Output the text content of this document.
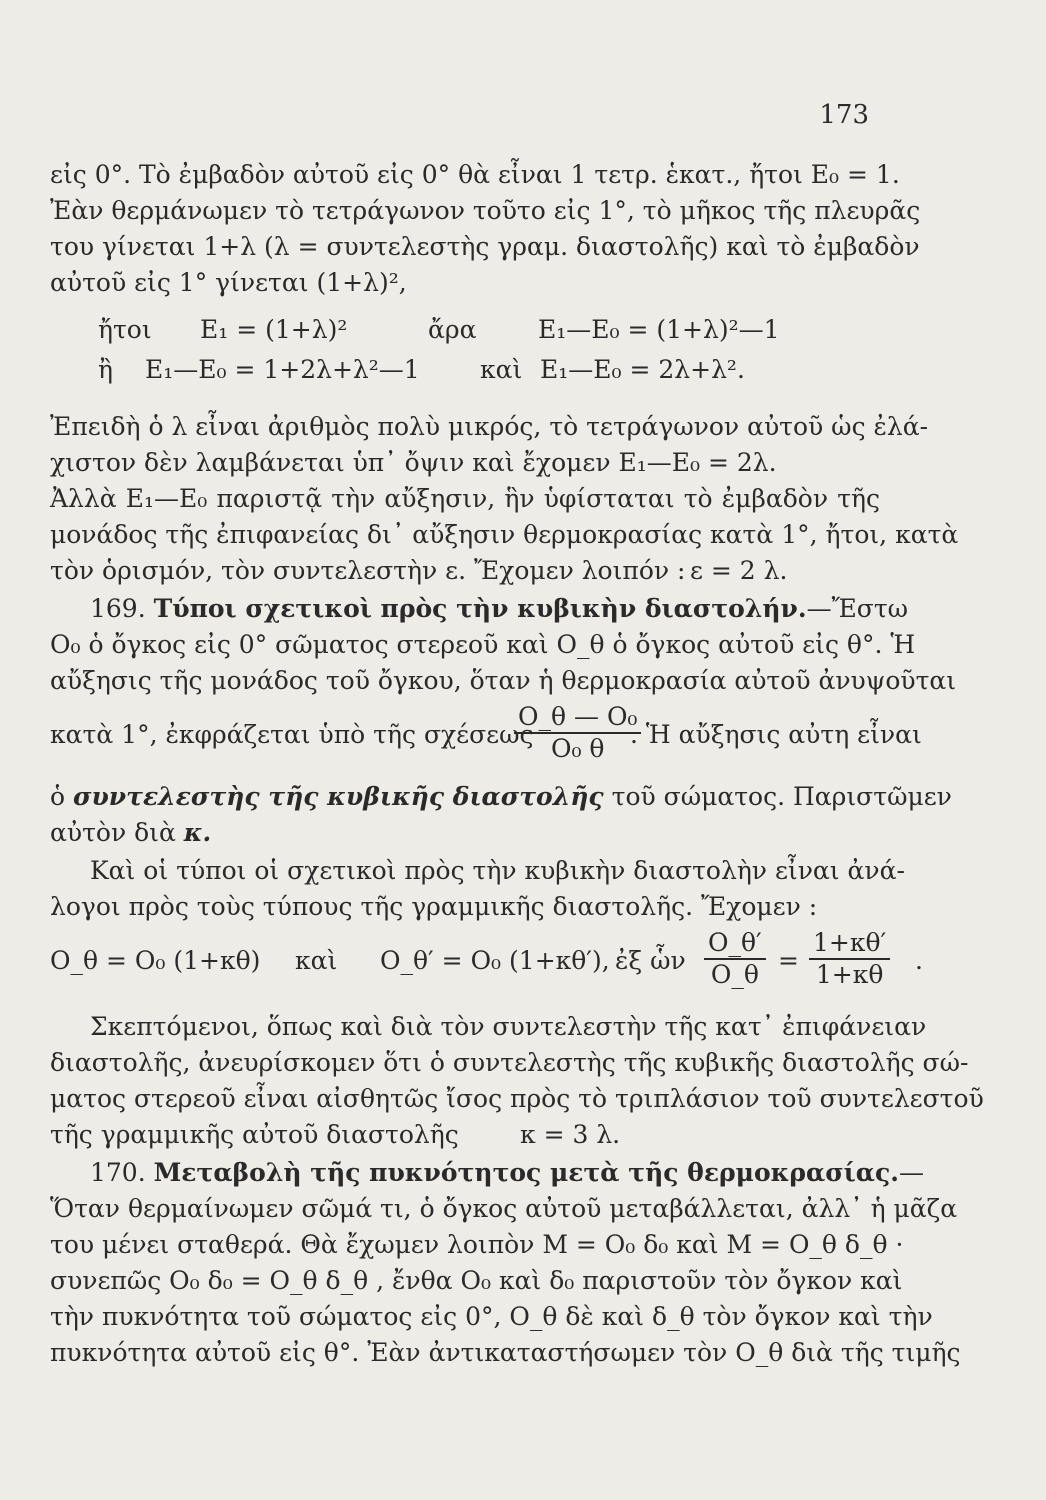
173
εἰς 0°. Τὸ ἐμβαδὸν αὐτοῦ εἰς 0° θὰ εἶναι 1 τετρ. ἑκατ., ἤτοι E₀ = 1.
Ἐὰν θερμάνωμεν τὸ τετράγωνον τοῦτο εἰς 1°, τὸ μῆκος τῆς πλευρᾶς
του γίνεται 1+λ (λ = συντελεστὴς γραμ. διαστολῆς) καὶ τὸ ἐμβαδὸν
αὐτοῦ εἰς 1° γίνεται (1+λ)²,
ἤτοι E₁ = (1+λ)²	ἄρα E₁—E₀ = (1+λ)²—1
ἢ E₁—E₀ = 1+2λ+λ²—1 καὶ E₁—E₀ = 2λ+λ².
Ἐπειδὴ ὁ λ εἶναι ἀριθμὸς πολὺ μικρός, τὸ τετράγωνον αὐτοῦ ὡς ἐλά-
χιστον δὲν λαμβάνεται ὑπ᾽ ὄψιν καὶ ἔχομεν E₁—E₀ = 2λ.
Ἀλλὰ E₁—E₀ παριστᾷ τὴν αὔξησιν, ἣν ὑφίσταται τὸ ἐμβαδὸν τῆς
μονάδος τῆς ἐπιφανείας δι᾽ αὔξησιν θερμοκρασίας κατὰ 1°, ἤτοι, κατὰ
τὸν ὁρισμόν, τὸν συντελεστὴν ε. Ἔχομεν λοιπόν : ε = 2 λ.
169. Τύποι σχετικοὶ πρὸς τὴν κυβικὴν διαστολήν.—Ἔστω
O₀ ὁ ὄγκος εἰς 0° σῶματος στερεοῦ καὶ O_θ ὁ ὄγκος αὐτοῦ εἰς θ°. Ἡ
αὔξησις τῆς μονάδος τοῦ ὄγκου, ὅταν ἡ θερμοκρασία αὐτοῦ ἀνυψοῦται
κατὰ 1°, ἐκφράζεται ὑπὸ τῆς σχέσεως
$\frac{\text{O\_θ — O₀}}{\text{O₀ θ}}$
. Ἡ αὔξησις αὐτη εἶναι
ὁ συντελεστὴς τῆς κυβικῆς διαστολῆς τοῦ σώματος. Παριστῶμεν
αὐτὸν διὰ κ.
Καὶ οἱ τύποι οἱ σχετικοὶ πρὸς τὴν κυβικὴν διαστολὴν εἶναι ἀνά-
λογοι πρὸς τοὺς τύπους τῆς γραμμικῆς διαστολῆς. Ἔχομεν :
O_θ = O₀ (1+κθ) καὶ O_θ′ = O₀ (1+κθ′), ἐξ ὧν $\frac{O\_\theta'}{O\_\theta} = \frac{1+\kappa\theta'}{1+\kappa\theta}$ .
Σκεπτόμενοι, ὅπως καὶ διὰ τὸν συντελεστὴν τῆς κατ᾽ ἐπιφάνειαν
διαστολῆς, ἀνευρίσκομεν ὅτι ὁ συντελεστὴς τῆς κυβικῆς διαστολῆς σώ-
ματος στερεοῦ εἶναι αἰσθητῶς ἴσος πρὸς τὸ τριπλάσιον τοῦ συντελεστοῦ
τῆς γραμμικῆς αὐτοῦ διαστολῆς κ = 3 λ.
170. Μεταβολὴ τῆς πυκνότητος μετὰ τῆς θερμοκρασίας.—
Ὅταν θερμαίνωμεν σῶμά τι, ὁ ὄγκος αὐτοῦ μεταβάλλεται, ἀλλ᾽ ἡ μᾶζα
του μένει σταθερά. Θὰ ἔχωμεν λοιπὸν M = O₀ δ₀ καὶ M = O_θ δ_θ ·
συνεπῶς O₀ δ₀ = O_θ δ_θ , ἔνθα O₀ καὶ δ₀ παριστοῦν τὸν ὄγκον καὶ
τὴν πυκνότητα τοῦ σώματος εἰς 0°, O_θ δὲ καὶ δ_θ τὸν ὄγκον καὶ τὴν
πυκνότητα αὐτοῦ εἰς θ°. Ἐὰν ἀντικαταστήσωμεν τὸν O_θ διὰ τῆς τιμῆς
